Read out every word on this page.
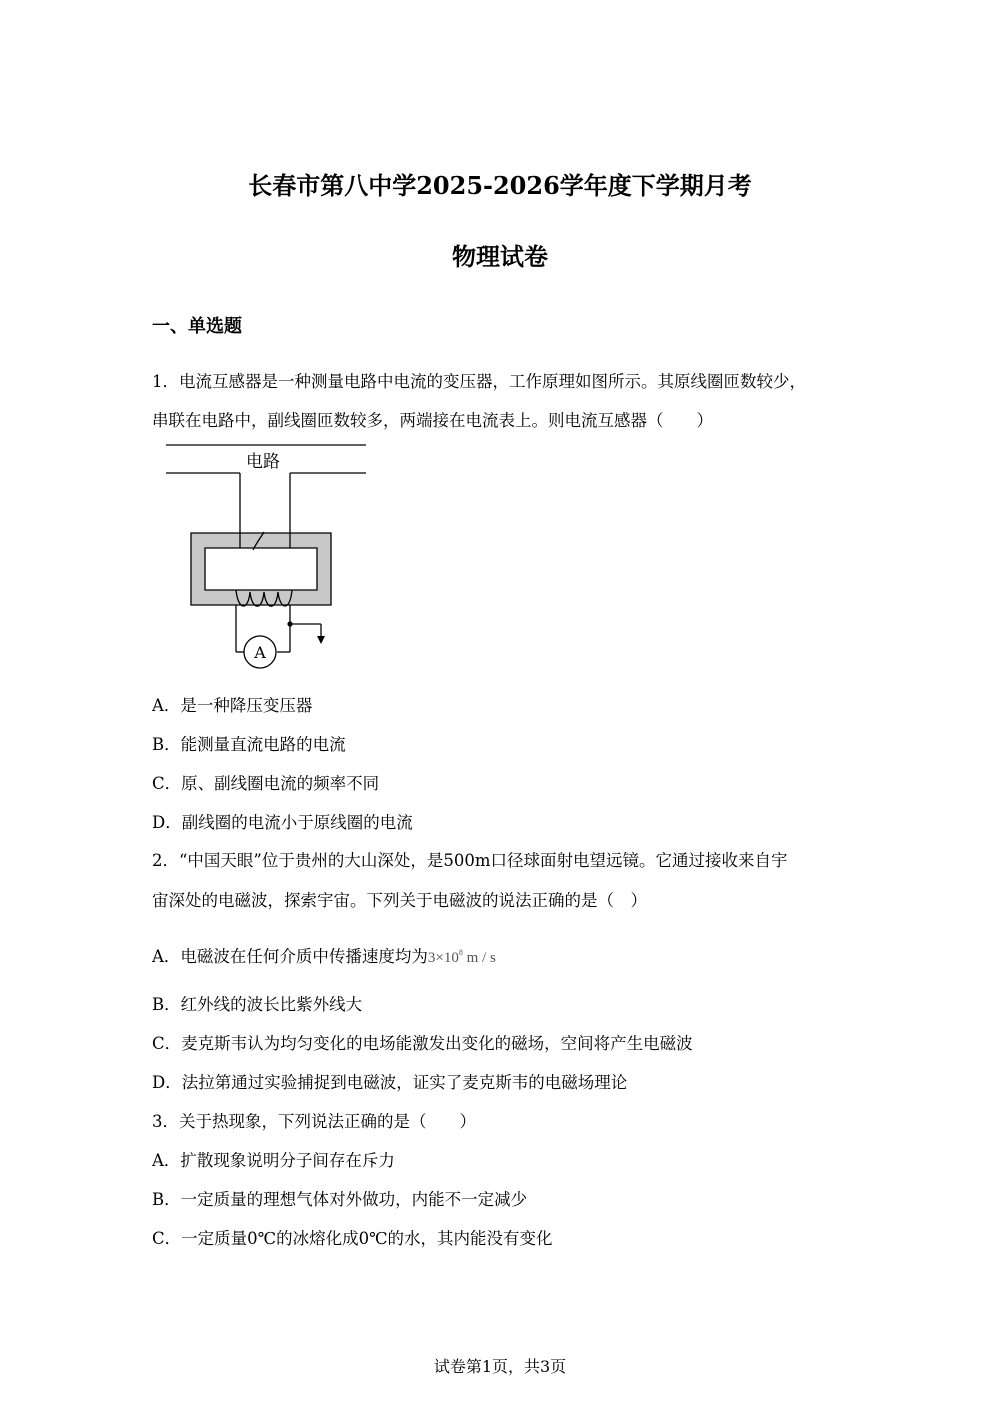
长春市第八中学2025-2026学年度下学期月考
物理试卷
一、单选题
1．电流互感器是一种测量电路中电流的变压器，工作原理如图所示。其原线圈匝数较少，
串联在电路中，副线圈匝数较多，两端接在电流表上。则电流互感器（　　）
电路
A
A．是一种降压变压器
B．能测量直流电路的电流
C．原、副线圈电流的频率不同
D．副线圈的电流小于原线圈的电流
2．“中国天眼”位于贵州的大山深处，是500m口径球面射电望远镜。它通过接收来自宇
宙深处的电磁波，探索宇宙。下列关于电磁波的说法正确的是（　）
A．电磁波在任何介质中传播速度均为$3\times 10^8$ m / s
B．红外线的波长比紫外线大
C．麦克斯韦认为均匀变化的电场能激发出变化的磁场，空间将产生电磁波
D．法拉第通过实验捕捉到电磁波，证实了麦克斯韦的电磁场理论
3．关于热现象，下列说法正确的是（　　）
A．扩散现象说明分子间存在斥力
B．一定质量的理想气体对外做功，内能不一定减少
C．一定质量0℃的冰熔化成0℃的水，其内能没有变化
试卷第1页，共3页
